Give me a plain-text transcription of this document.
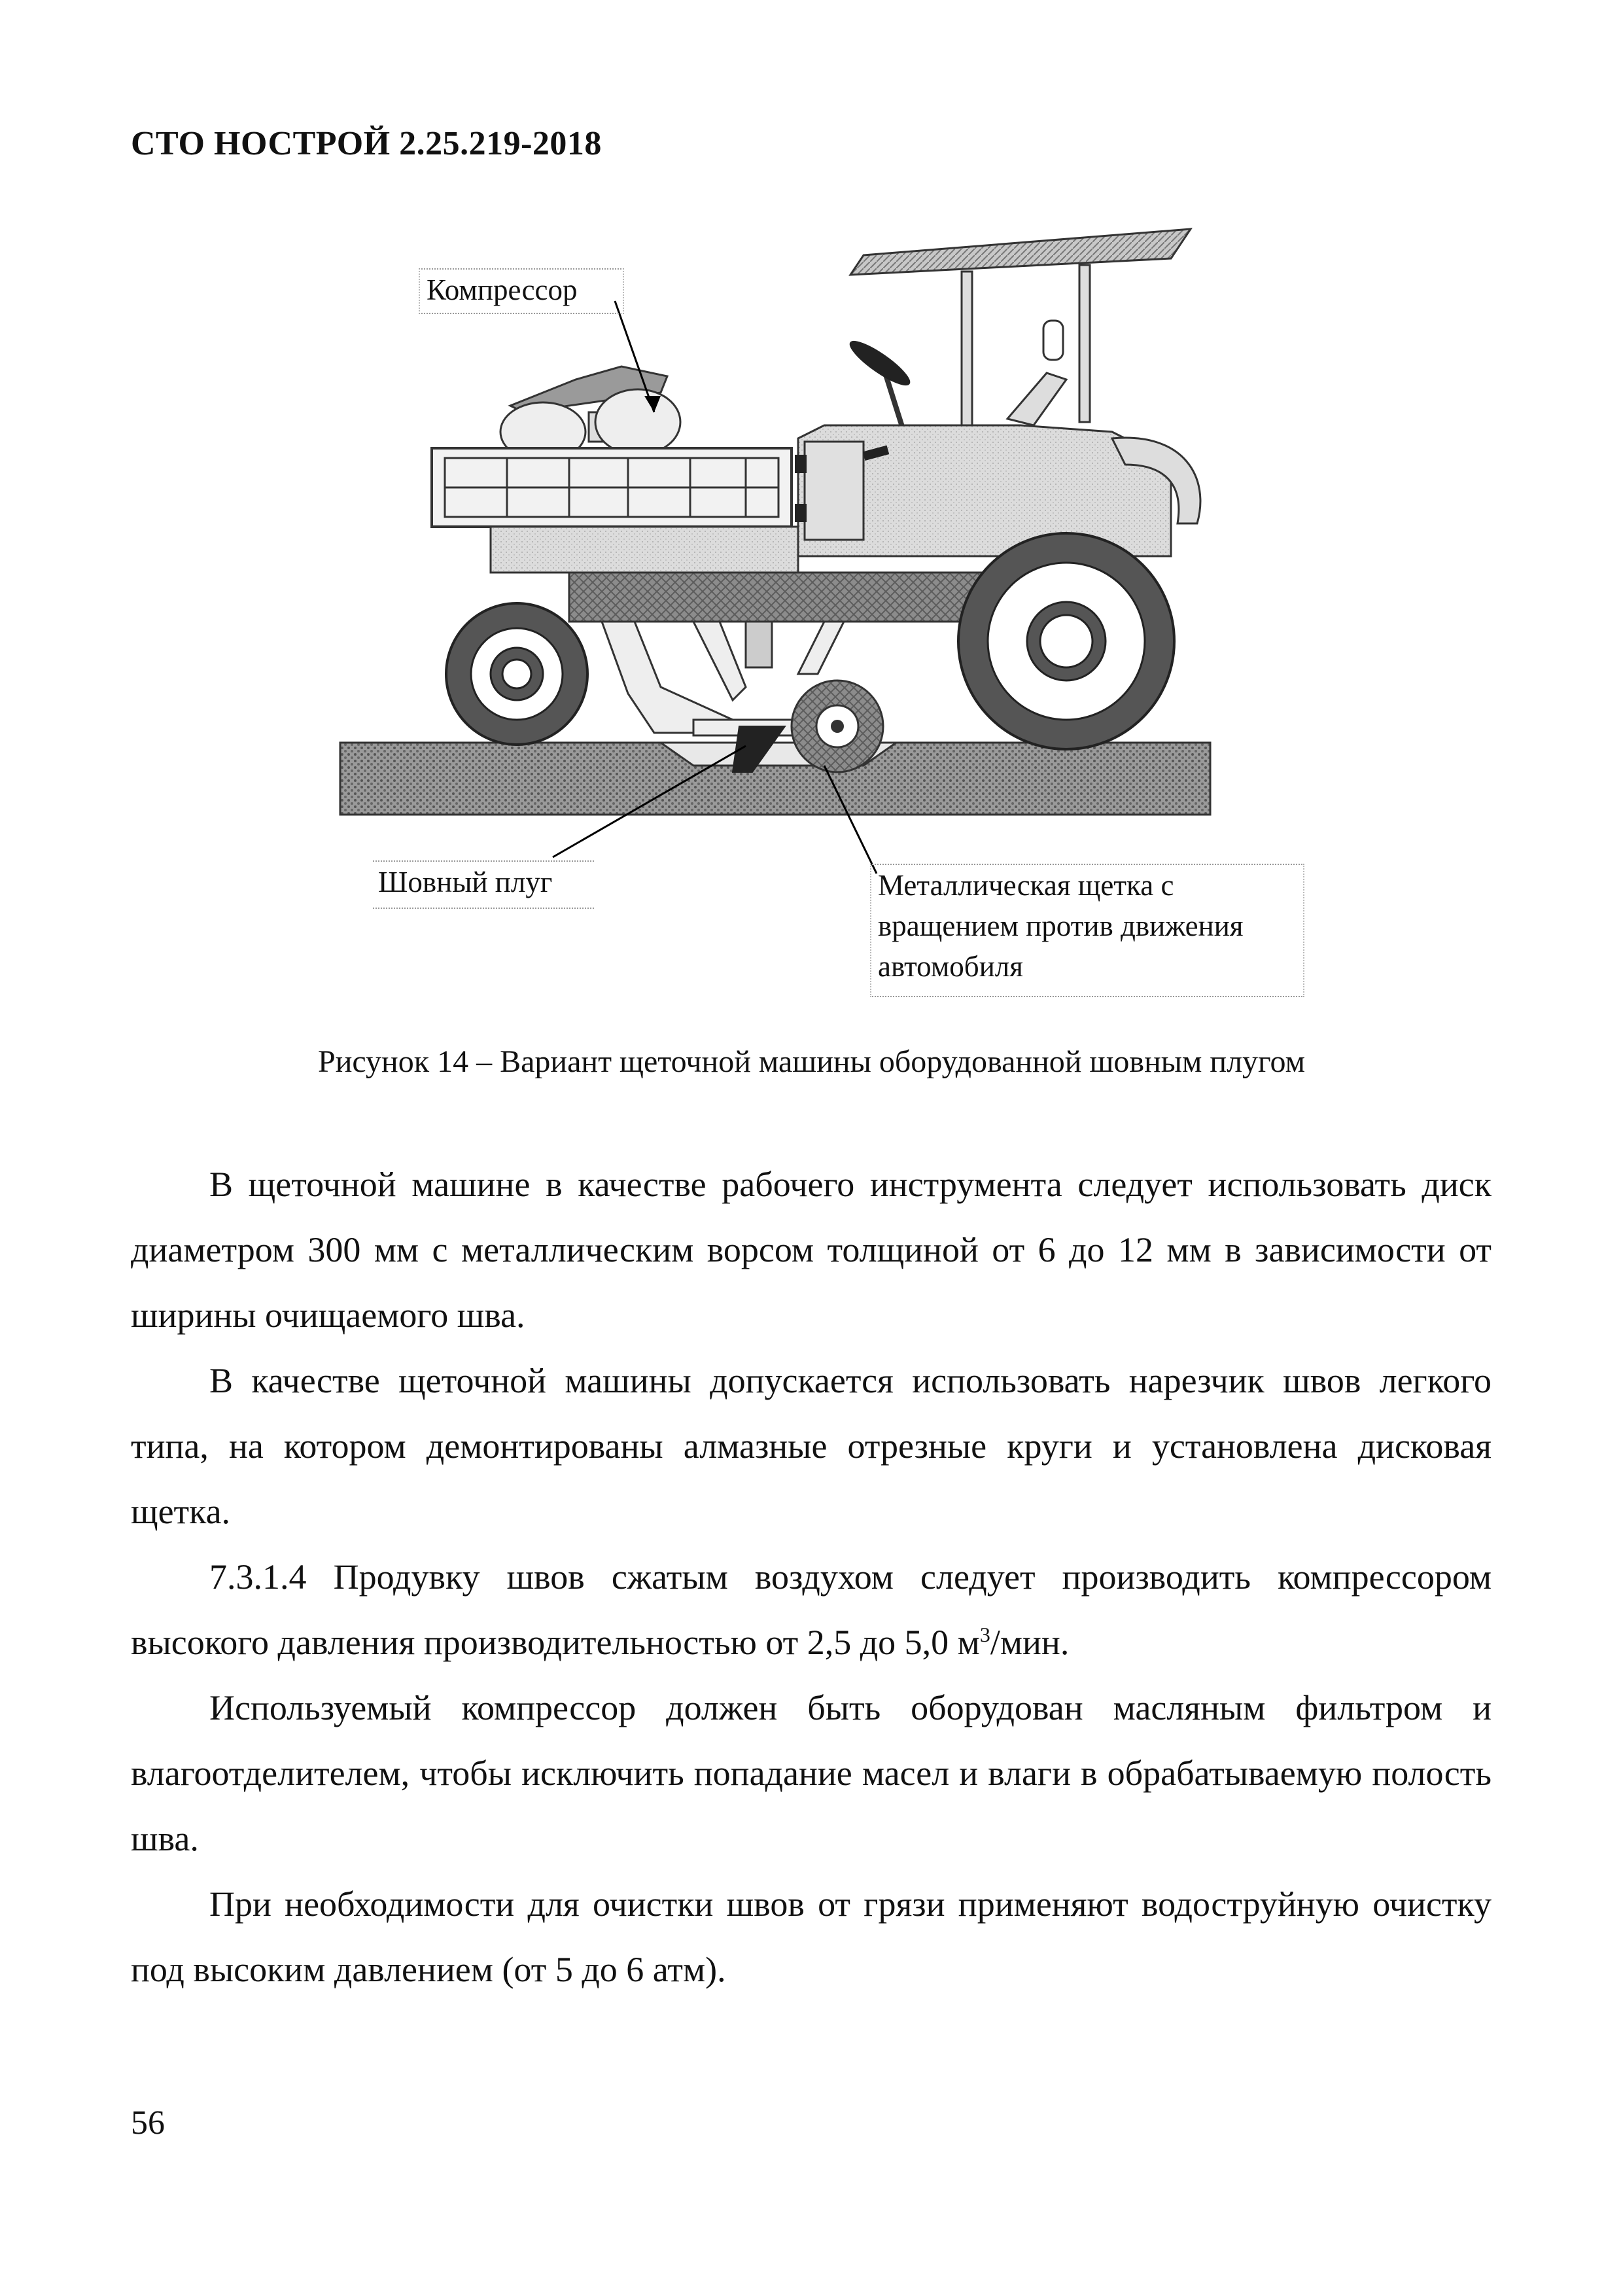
СТО НОСТРОЙ 2.25.219-2018
Компрессор
Шовный плуг	Металлическая щетка с
вращением против движения
автомобиля
Рисунок 14 – Вариант щеточной машины оборудованной шовным плугом

В щеточной машине в качестве рабочего инструмента следует использовать диск диаметром 300 мм с металлическим ворсом толщиной от 6 до 12 мм в зависимости от ширины очищаемого шва.

В качестве щеточной машины допускается использовать нарезчик швов легкого типа, на котором демонтированы алмазные отрезные круги и установлена дисковая щетка.

7.3.1.4 Продувку швов сжатым воздухом следует производить компрессором высокого давления производительностью от 2,5 до 5,0 $м^3$/мин.

Используемый компрессор должен быть оборудован масляным фильтром и влагоотделителем, чтобы исключить попадание масел и влаги в обрабатываемую полость шва.

При необходимости для очистки швов от грязи применяют водоструйную очистку под высоким давлением (от 5 до 6 атм).

56
